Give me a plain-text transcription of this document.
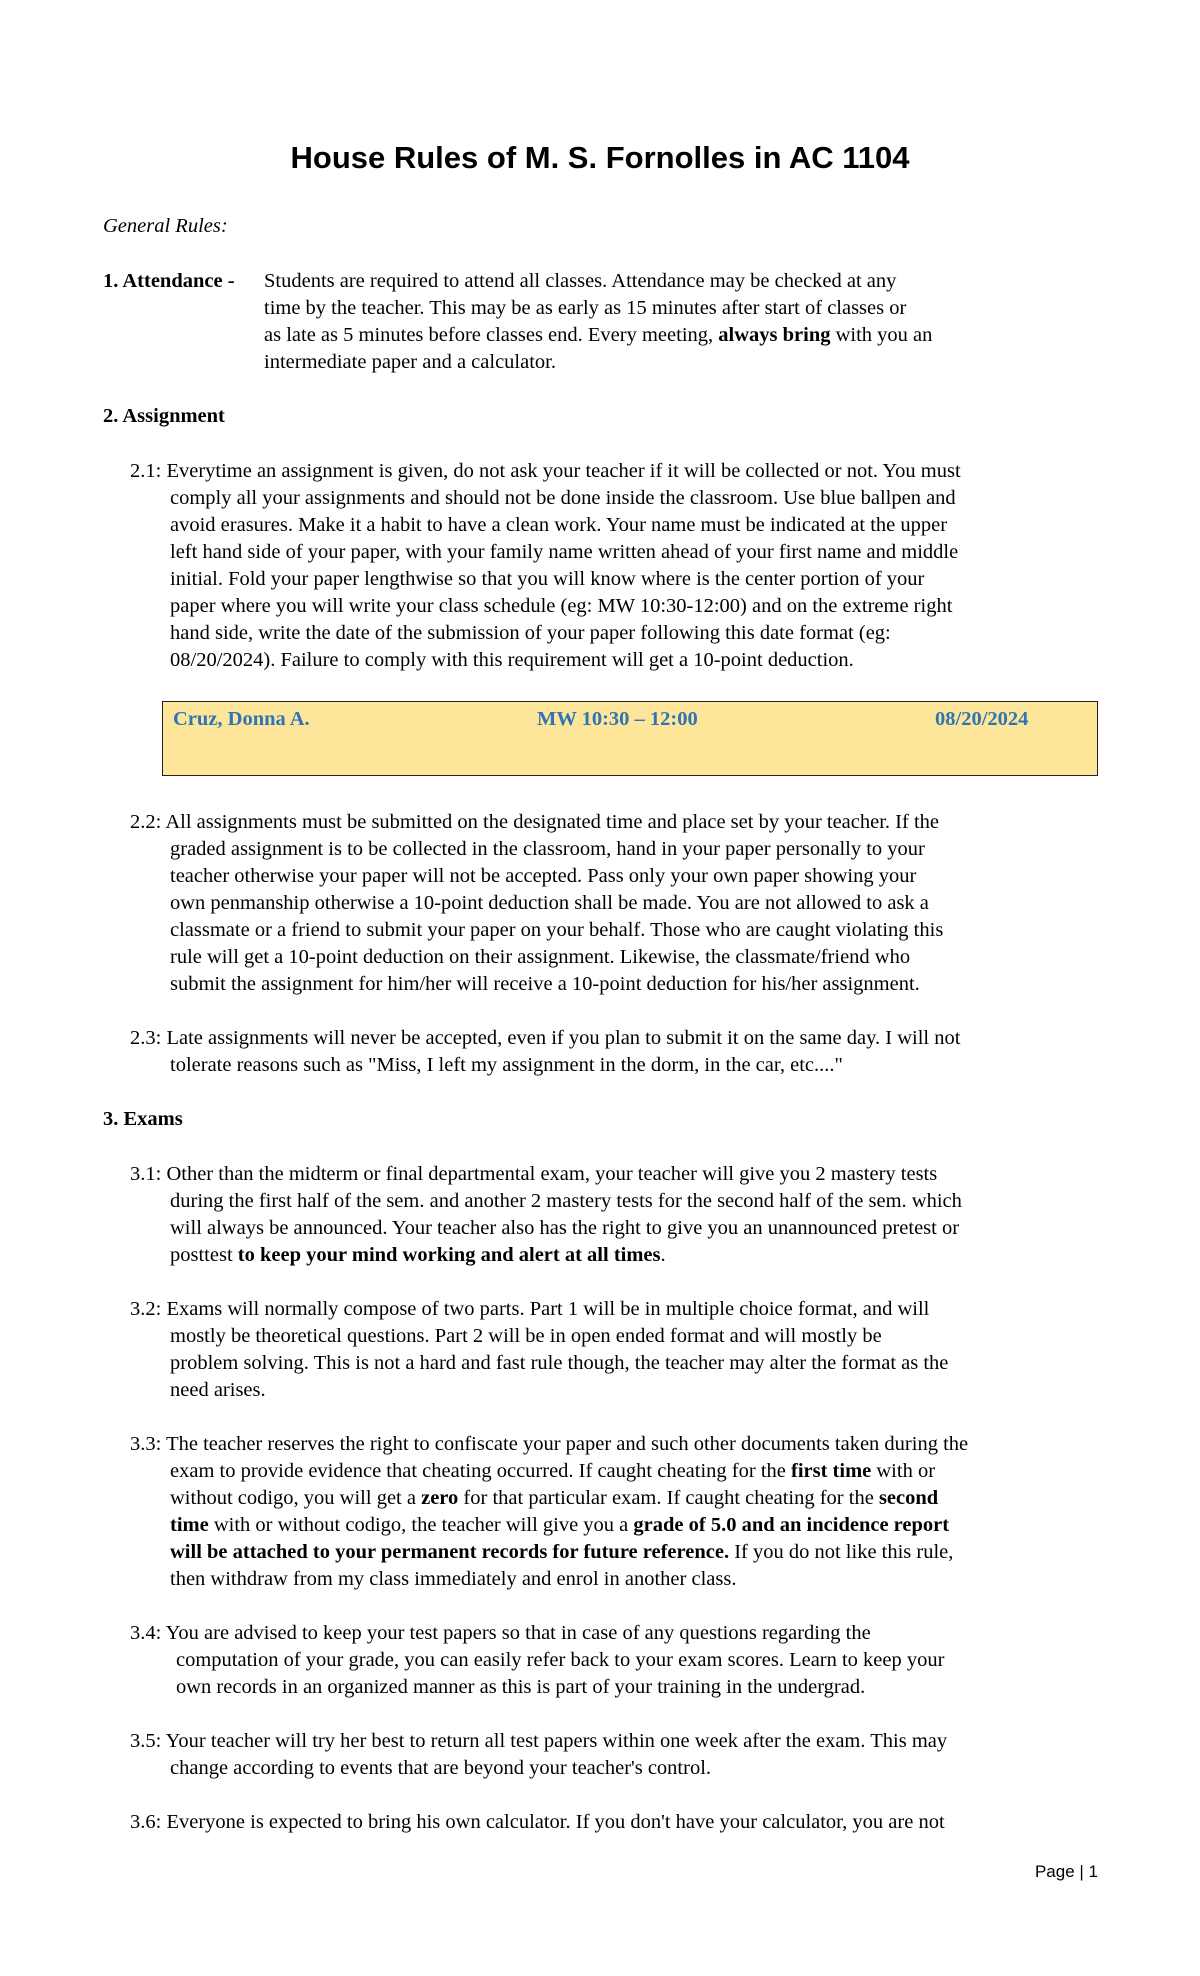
House Rules of M. S. Fornolles in AC 1104
General Rules:
1. Attendance - Students are required to attend all classes. Attendance may be checked at any
time by the teacher. This may be as early as 15 minutes after start of classes or
as late as 5 minutes before classes end. Every meeting, always bring with you an
intermediate paper and a calculator.
2. Assignment
2.1: Everytime an assignment is given, do not ask your teacher if it will be collected or not. You must
comply all your assignments and should not be done inside the classroom. Use blue ballpen and
avoid erasures. Make it a habit to have a clean work. Your name must be indicated at the upper
left hand side of your paper, with your family name written ahead of your first name and middle
initial. Fold your paper lengthwise so that you will know where is the center portion of your
paper where you will write your class schedule (eg: MW 10:30-12:00) and on the extreme right
hand side, write the date of the submission of your paper following this date format (eg:
08/20/2024). Failure to comply with this requirement will get a 10-point deduction.
Cruz, Donna A.	MW 10:30 – 12:00	08/20/2024
2.2: All assignments must be submitted on the designated time and place set by your teacher. If the
graded assignment is to be collected in the classroom, hand in your paper personally to your
teacher otherwise your paper will not be accepted. Pass only your own paper showing your
own penmanship otherwise a 10-point deduction shall be made. You are not allowed to ask a
classmate or a friend to submit your paper on your behalf. Those who are caught violating this
rule will get a 10-point deduction on their assignment. Likewise, the classmate/friend who
submit the assignment for him/her will receive a 10-point deduction for his/her assignment.
2.3: Late assignments will never be accepted, even if you plan to submit it on the same day. I will not
tolerate reasons such as "Miss, I left my assignment in the dorm, in the car, etc...."
3. Exams
3.1: Other than the midterm or final departmental exam, your teacher will give you 2 mastery tests
during the first half of the sem. and another 2 mastery tests for the second half of the sem. which
will always be announced. Your teacher also has the right to give you an unannounced pretest or
posttest to keep your mind working and alert at all times.
3.2: Exams will normally compose of two parts. Part 1 will be in multiple choice format, and will
mostly be theoretical questions. Part 2 will be in open ended format and will mostly be
problem solving. This is not a hard and fast rule though, the teacher may alter the format as the
need arises.
3.3: The teacher reserves the right to confiscate your paper and such other documents taken during the
exam to provide evidence that cheating occurred. If caught cheating for the first time with or
without codigo, you will get a zero for that particular exam. If caught cheating for the second
time with or without codigo, the teacher will give you a grade of 5.0 and an incidence report
will be attached to your permanent records for future reference. If you do not like this rule,
then withdraw from my class immediately and enrol in another class.
3.4: You are advised to keep your test papers so that in case of any questions regarding the
computation of your grade, you can easily refer back to your exam scores. Learn to keep your
own records in an organized manner as this is part of your training in the undergrad.
3.5: Your teacher will try her best to return all test papers within one week after the exam. This may
change according to events that are beyond your teacher's control.
3.6: Everyone is expected to bring his own calculator. If you don't have your calculator, you are not
Page | 1
